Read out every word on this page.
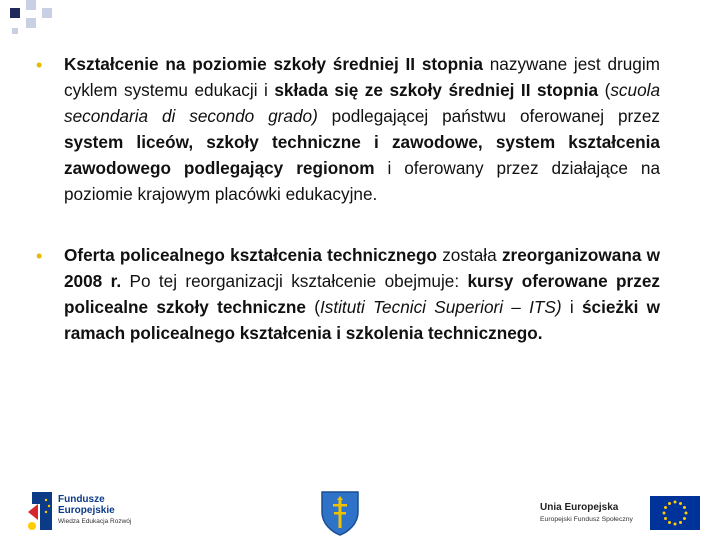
• Kształcenie na poziomie szkoły średniej II stopnia nazywane jest drugim cyklem systemu edukacji i składa się ze szkoły średniej II stopnia (scuola secondaria di secondo grado) podlegającej państwu oferowanej przez system liceów, szkoły techniczne i zawodowe, system kształcenia zawodowego podlegający regionom i oferowany przez działające na poziomie krajowym placówki edukacyjne.

• Oferta policealnego kształcenia technicznego została zreorganizowana w 2008 r. Po tej reorganizacji kształcenie obejmuje: kursy oferowane przez policealne szkoły techniczne (Istituti Tecnici Superiori – ITS) i ścieżki w ramach policealnego kształcenia i szkolenia technicznego.

Fundusze
Europejskie
Wiedza Edukacja Rozwój
Unia Europejska
Europejski Fundusz Społeczny
